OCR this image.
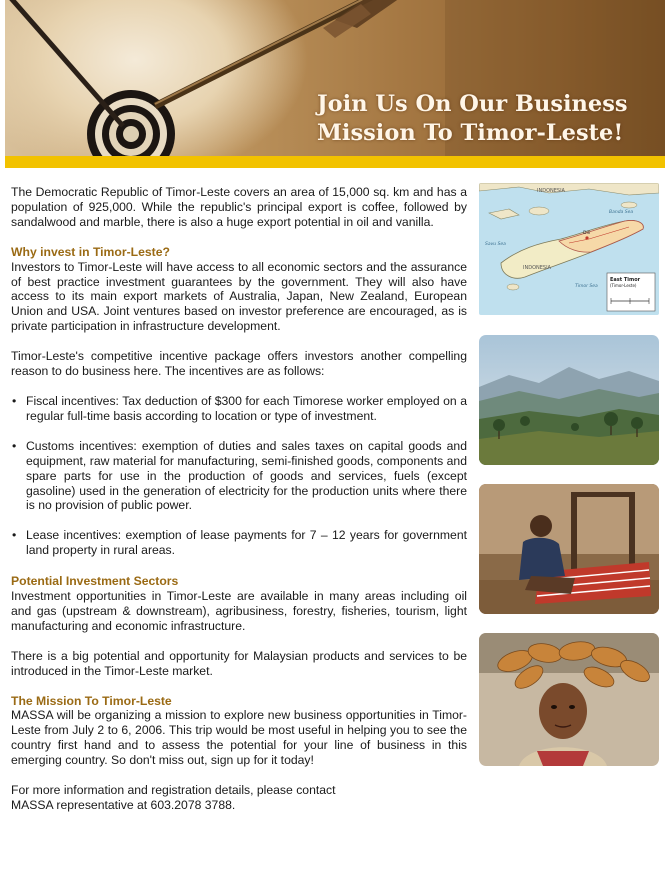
Join Us On Our Business
Mission To Timor-Leste!

The Democratic Republic of Timor-Leste covers an area of 15,000 sq. km and has a population of 925,000. While the republic's principal export is coffee, followed by sandalwood and marble, there is also a huge export potential in oil and vanilla.

Why invest in Timor-Leste?

Investors to Timor-Leste will have access to all economic sectors and the assurance of best practice investment guarantees by the government. They will also have access to its main export markets of Australia, Japan, New Zealand, European Union and USA. Joint ventures based on investor preference are encouraged, as is private participation in infrastructure development.

Timor-Leste's competitive incentive package offers investors another compelling reason to do business here. The incentives are as follows:

• Fiscal incentives: Tax deduction of $300 for each Timorese worker employed on a regular full-time basis according to location or type of investment.
• Customs incentives: exemption of duties and sales taxes on capital goods and equipment, raw material for manufacturing, semi-finished goods, components and spare parts for use in the production of goods and services, fuels (except gasoline) used in the generation of electricity for the production units where there is no provision of public power.
• Lease incentives: exemption of lease payments for 7 – 12 years for government land property in rural areas.
Potential Investment Sectors

Investment opportunities in Timor-Leste are available in many areas including oil and gas (upstream & downstream), agribusiness, forestry, fisheries, tourism, light manufacturing and economic infrastructure.

There is a big potential and opportunity for Malaysian products and services to be introduced in the Timor-Leste market.

The Mission To Timor-Leste

MASSA will be organizing a mission to explore new business opportunities in Timor-Leste from July 2 to 6, 2006. This trip would be most useful in helping you to see the country first hand and to assess the potential for your line of business in this emerging country. So don't miss out, sign up for it today!

For more information and registration details, please contact

MASSA representative at 603.2078 3788.

INDONESIA
INDONESIA
Dili
Banda Sea
Savu Sea
Timor Sea
East Timor
(Timor-Leste)
